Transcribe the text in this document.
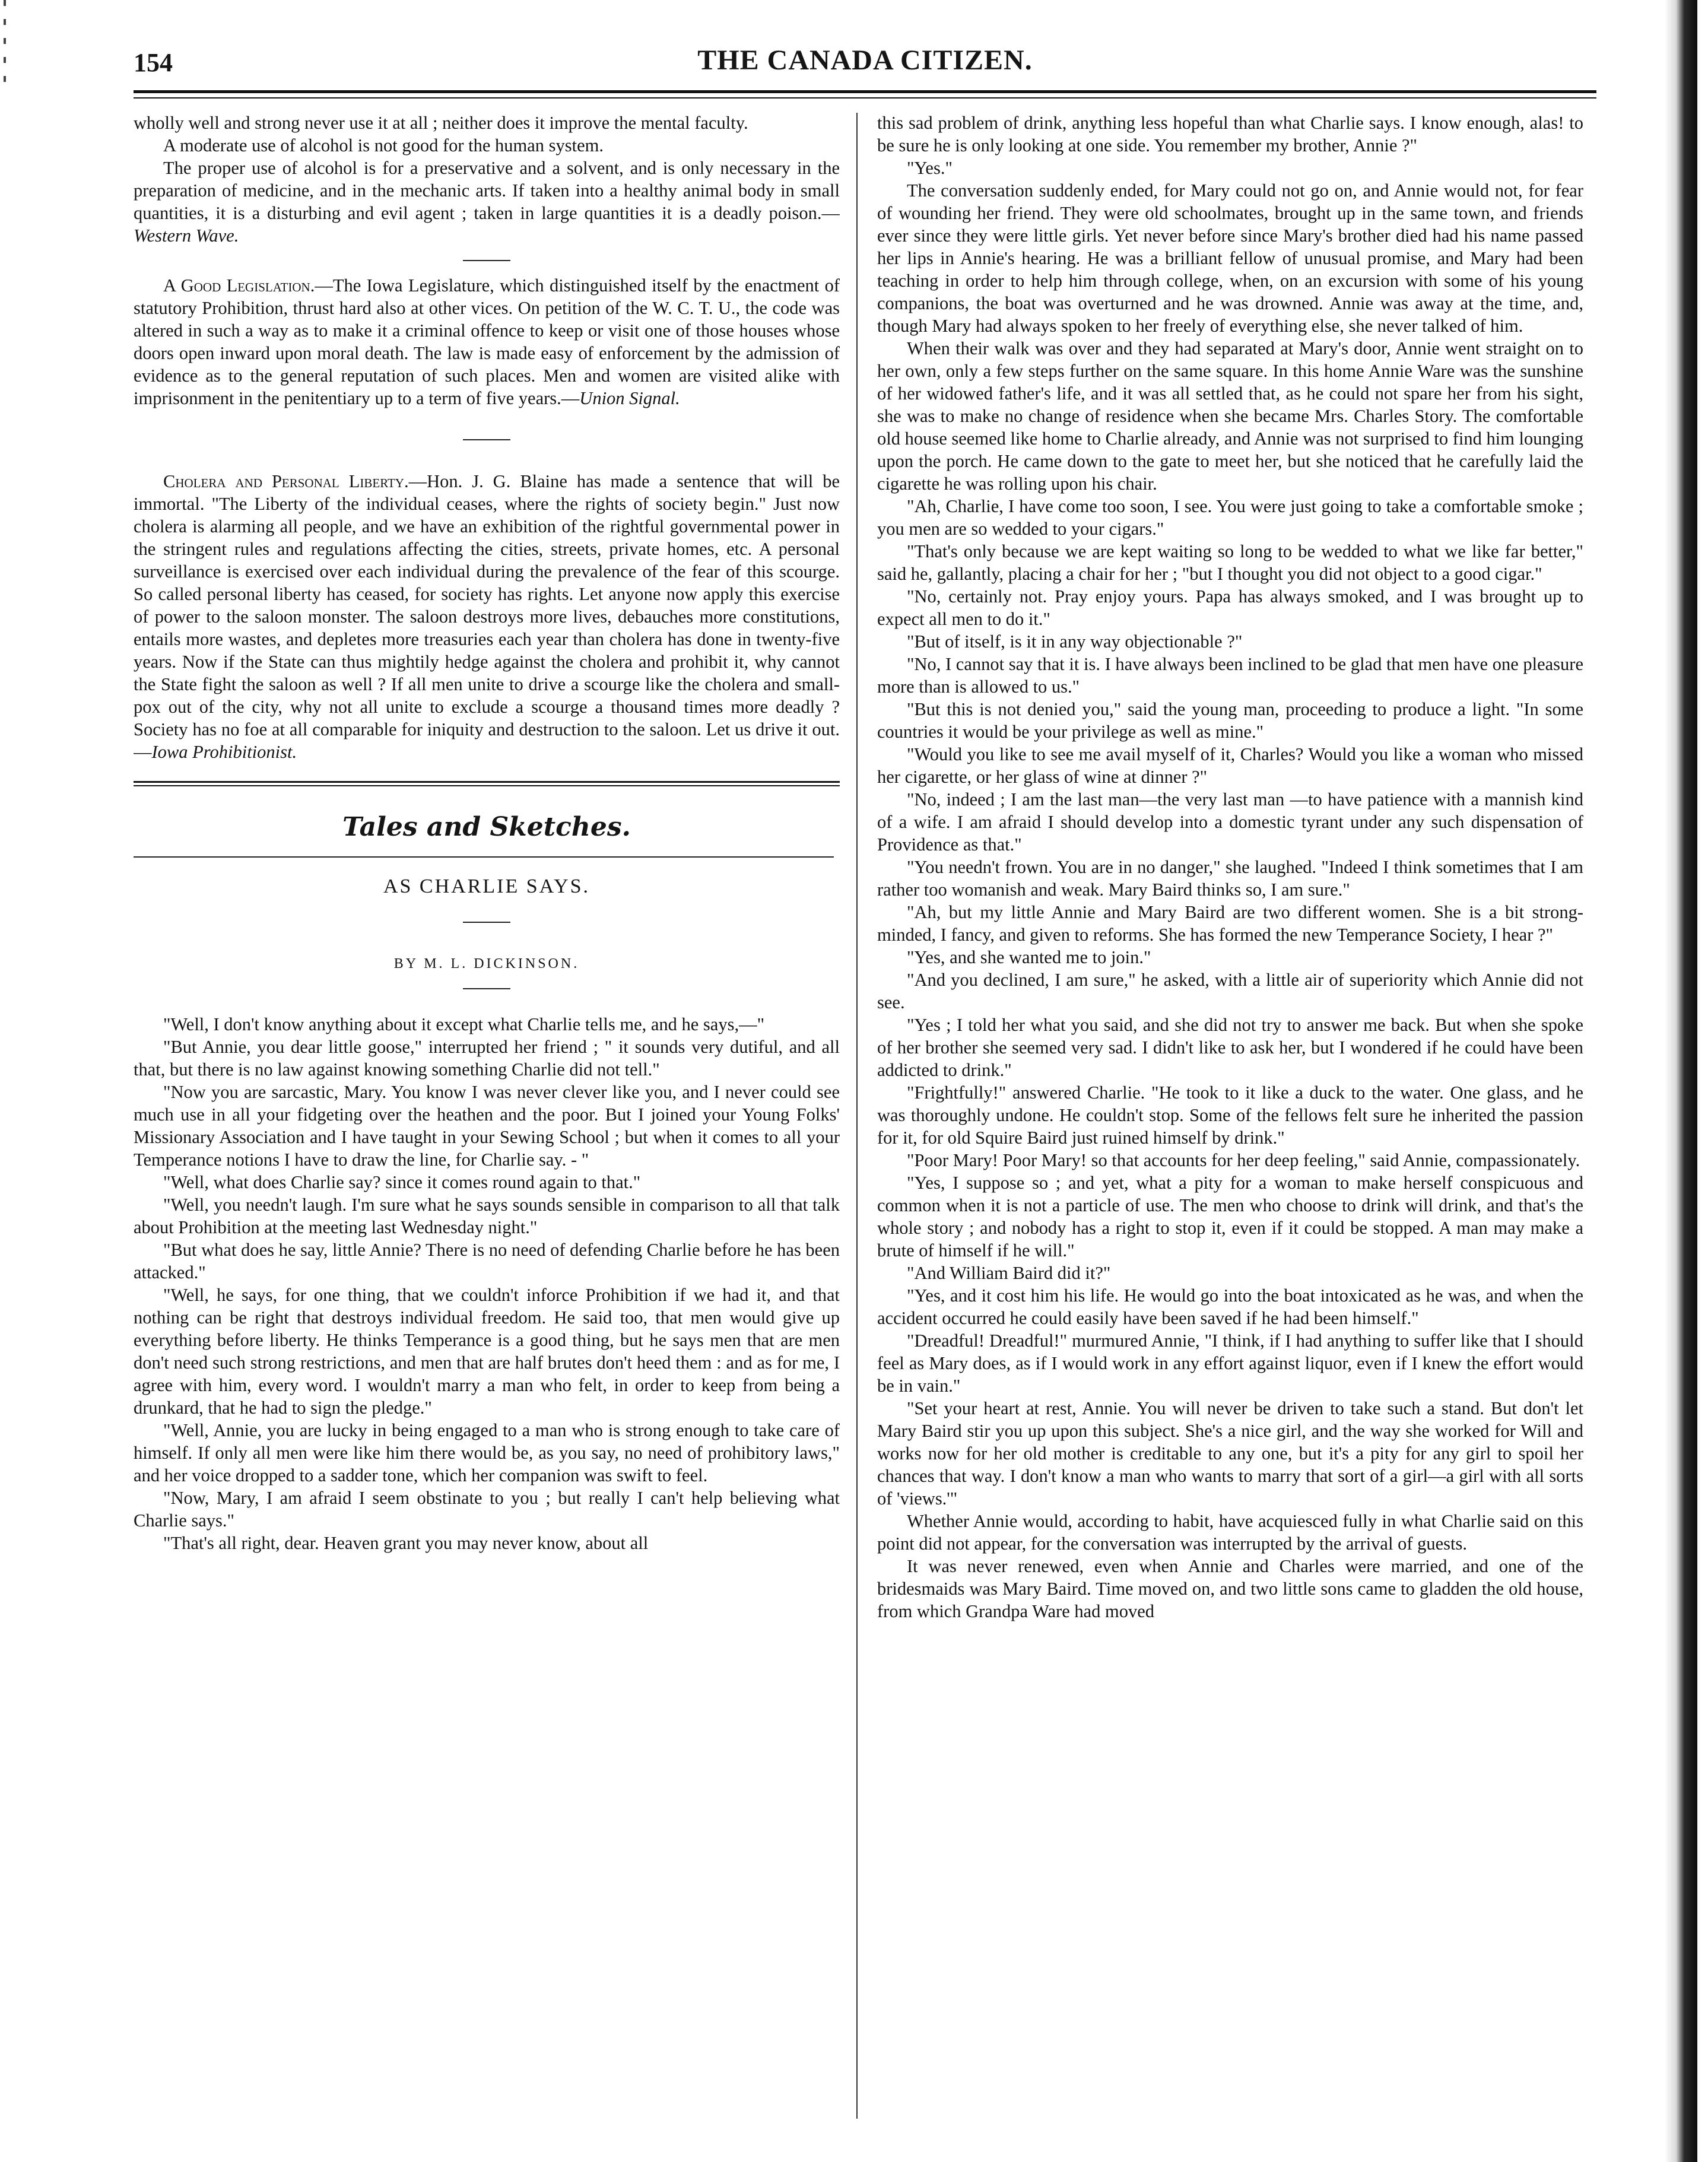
154	THE CANADA CITIZEN.

wholly well and strong never use it at all ; neither does it improve the mental faculty.

A moderate use of alcohol is not good for the human system.

The proper use of alcohol is for a preservative and a solvent, and is only necessary in the preparation of medicine, and in the mechanic arts. If taken into a healthy animal body in small quantities, it is a disturbing and evil agent ; taken in large quantities it is a deadly poison.—Western Wave.

A Good Legislation.—The Iowa Legislature, which distinguished itself by the enactment of statutory Prohibition, thrust hard also at other vices. On petition of the W. C. T. U., the code was altered in such a way as to make it a criminal offence to keep or visit one of those houses whose doors open inward upon moral death. The law is made easy of enforcement by the admission of evidence as to the general reputation of such places. Men and women are visited alike with imprisonment in the penitentiary up to a term of five years.—Union Signal.

Cholera and Personal Liberty.—Hon. J. G. Blaine has made a sentence that will be immortal. "The Liberty of the individual ceases, where the rights of society begin." Just now cholera is alarming all people, and we have an exhibition of the rightful governmental power in the stringent rules and regulations affecting the cities, streets, private homes, etc. A personal surveillance is exercised over each individual during the prevalence of the fear of this scourge. So called personal liberty has ceased, for society has rights. Let anyone now apply this exercise of power to the saloon monster. The saloon destroys more lives, debauches more constitutions, entails more wastes, and depletes more treasuries each year than cholera has done in twenty-five years. Now if the State can thus mightily hedge against the cholera and prohibit it, why cannot the State fight the saloon as well ? If all men unite to drive a scourge like the cholera and small-pox out of the city, why not all unite to exclude a scourge a thousand times more deadly ? Society has no foe at all comparable for iniquity and destruction to the saloon. Let us drive it out.—Iowa Prohibitionist.

Tales and Sketches.
AS CHARLIE SAYS.
BY M. L. DICKINSON.

"Well, I don't know anything about it except what Charlie tells me, and he says,—"

"But Annie, you dear little goose," interrupted her friend ; " it sounds very dutiful, and all that, but there is no law against knowing something Charlie did not tell."

"Now you are sarcastic, Mary. You know I was never clever like you, and I never could see much use in all your fidgeting over the heathen and the poor. But I joined your Young Folks' Missionary Association and I have taught in your Sewing School ; but when it comes to all your Temperance notions I have to draw the line, for Charlie say. - "

"Well, what does Charlie say? since it comes round again to that."

"Well, you needn't laugh. I'm sure what he says sounds sensible in comparison to all that talk about Prohibition at the meeting last Wednesday night."

"But what does he say, little Annie? There is no need of defending Charlie before he has been attacked."

"Well, he says, for one thing, that we couldn't inforce Prohibition if we had it, and that nothing can be right that destroys individual freedom. He said too, that men would give up everything before liberty. He thinks Temperance is a good thing, but he says men that are men don't need such strong restrictions, and men that are half brutes don't heed them : and as for me, I agree with him, every word. I wouldn't marry a man who felt, in order to keep from being a drunkard, that he had to sign the pledge."

"Well, Annie, you are lucky in being engaged to a man who is strong enough to take care of himself. If only all men were like him there would be, as you say, no need of prohibitory laws," and her voice dropped to a sadder tone, which her companion was swift to feel.

"Now, Mary, I am afraid I seem obstinate to you ; but really I can't help believing what Charlie says."

"That's all right, dear. Heaven grant you may never know, about all

this sad problem of drink, anything less hopeful than what Charlie says. I know enough, alas! to be sure he is only looking at one side. You remember my brother, Annie ?"

"Yes."

The conversation suddenly ended, for Mary could not go on, and Annie would not, for fear of wounding her friend. They were old schoolmates, brought up in the same town, and friends ever since they were little girls. Yet never before since Mary's brother died had his name passed her lips in Annie's hearing. He was a brilliant fellow of unusual promise, and Mary had been teaching in order to help him through college, when, on an excursion with some of his young companions, the boat was overturned and he was drowned. Annie was away at the time, and, though Mary had always spoken to her freely of everything else, she never talked of him.

When their walk was over and they had separated at Mary's door, Annie went straight on to her own, only a few steps further on the same square. In this home Annie Ware was the sunshine of her widowed father's life, and it was all settled that, as he could not spare her from his sight, she was to make no change of residence when she became Mrs. Charles Story. The comfortable old house seemed like home to Charlie already, and Annie was not surprised to find him lounging upon the porch. He came down to the gate to meet her, but she noticed that he carefully laid the cigarette he was rolling upon his chair.

"Ah, Charlie, I have come too soon, I see. You were just going to take a comfortable smoke ; you men are so wedded to your cigars."

"That's only because we are kept waiting so long to be wedded to what we like far better," said he, gallantly, placing a chair for her ; "but I thought you did not object to a good cigar."

"No, certainly not. Pray enjoy yours. Papa has always smoked, and I was brought up to expect all men to do it."

"But of itself, is it in any way objectionable ?"

"No, I cannot say that it is. I have always been inclined to be glad that men have one pleasure more than is allowed to us."

"But this is not denied you," said the young man, proceeding to produce a light. "In some countries it would be your privilege as well as mine."

"Would you like to see me avail myself of it, Charles? Would you like a woman who missed her cigarette, or her glass of wine at dinner ?"

"No, indeed ; I am the last man—the very last man —to have patience with a mannish kind of a wife. I am afraid I should develop into a domestic tyrant under any such dispensation of Providence as that."

"You needn't frown. You are in no danger," she laughed. "Indeed I think sometimes that I am rather too womanish and weak. Mary Baird thinks so, I am sure."

"Ah, but my little Annie and Mary Baird are two different women. She is a bit strong-minded, I fancy, and given to reforms. She has formed the new Temperance Society, I hear ?"

"Yes, and she wanted me to join."

"And you declined, I am sure," he asked, with a little air of superiority which Annie did not see.

"Yes ; I told her what you said, and she did not try to answer me back. But when she spoke of her brother she seemed very sad. I didn't like to ask her, but I wondered if he could have been addicted to drink."

"Frightfully!" answered Charlie. "He took to it like a duck to the water. One glass, and he was thoroughly undone. He couldn't stop. Some of the fellows felt sure he inherited the passion for it, for old Squire Baird just ruined himself by drink."

"Poor Mary! Poor Mary! so that accounts for her deep feeling," said Annie, compassionately.

"Yes, I suppose so ; and yet, what a pity for a woman to make herself conspicuous and common when it is not a particle of use. The men who choose to drink will drink, and that's the whole story ; and nobody has a right to stop it, even if it could be stopped. A man may make a brute of himself if he will."

"And William Baird did it?"

"Yes, and it cost him his life. He would go into the boat intoxicated as he was, and when the accident occurred he could easily have been saved if he had been himself."

"Dreadful! Dreadful!" murmured Annie, "I think, if I had anything to suffer like that I should feel as Mary does, as if I would work in any effort against liquor, even if I knew the effort would be in vain."

"Set your heart at rest, Annie. You will never be driven to take such a stand. But don't let Mary Baird stir you up upon this subject. She's a nice girl, and the way she worked for Will and works now for her old mother is creditable to any one, but it's a pity for any girl to spoil her chances that way. I don't know a man who wants to marry that sort of a girl—a girl with all sorts of 'views.'"

Whether Annie would, according to habit, have acquiesced fully in what Charlie said on this point did not appear, for the conversation was interrupted by the arrival of guests.

It was never renewed, even when Annie and Charles were married, and one of the bridesmaids was Mary Baird. Time moved on, and two little sons came to gladden the old house, from which Grandpa Ware had moved
